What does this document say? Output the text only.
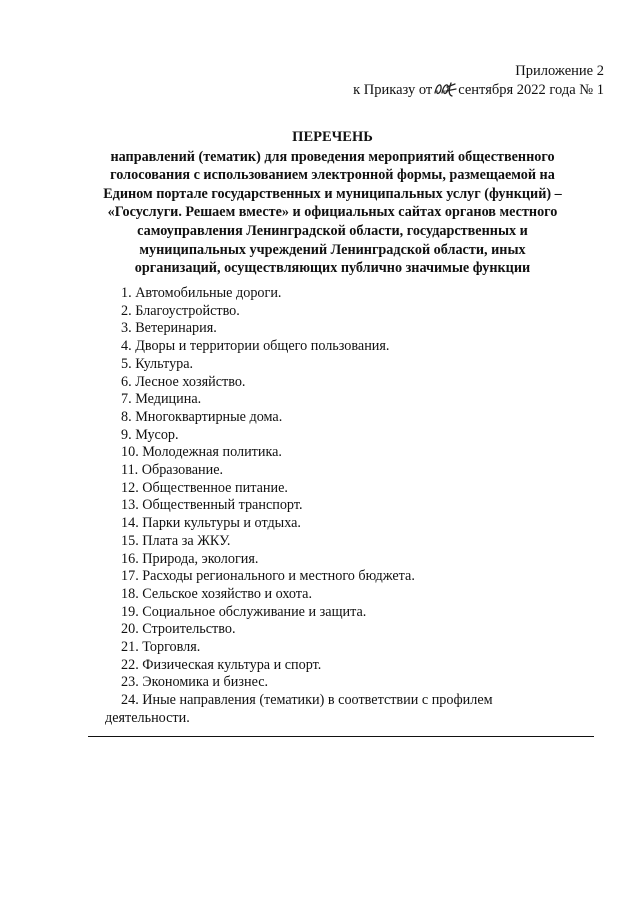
Приложение 2
к Приказу от сентября 2022 года № 1
ПЕРЕЧЕНЬ
направлений (тематик) для проведения мероприятий общественного
голосования с использованием электронной формы, размещаемой на
Едином портале государственных и муниципальных услуг (функций) –
«Госуслуги. Решаем вместе» и официальных сайтах органов местного
самоуправления Ленинградской области, государственных и
муниципальных учреждений Ленинградской области, иных
организаций, осуществляющих публично значимые функции
1. Автомобильные дороги.
2. Благоустройство.
3. Ветеринария.
4. Дворы и территории общего пользования.
5. Культура.
6. Лесное хозяйство.
7. Медицина.
8. Многоквартирные дома.
9. Мусор.
10. Молодежная политика.
11. Образование.
12. Общественное питание.
13. Общественный транспорт.
14. Парки культуры и отдыха.
15. Плата за ЖКУ.
16. Природа, экология.
17. Расходы регионального и местного бюджета.
18. Сельское хозяйство и охота.
19. Социальное обслуживание и защита.
20. Строительство.
21. Торговля.
22. Физическая культура и спорт.
23. Экономика и бизнес.
24. Иные направления (тематики) в соответствии с профилем
деятельности.
